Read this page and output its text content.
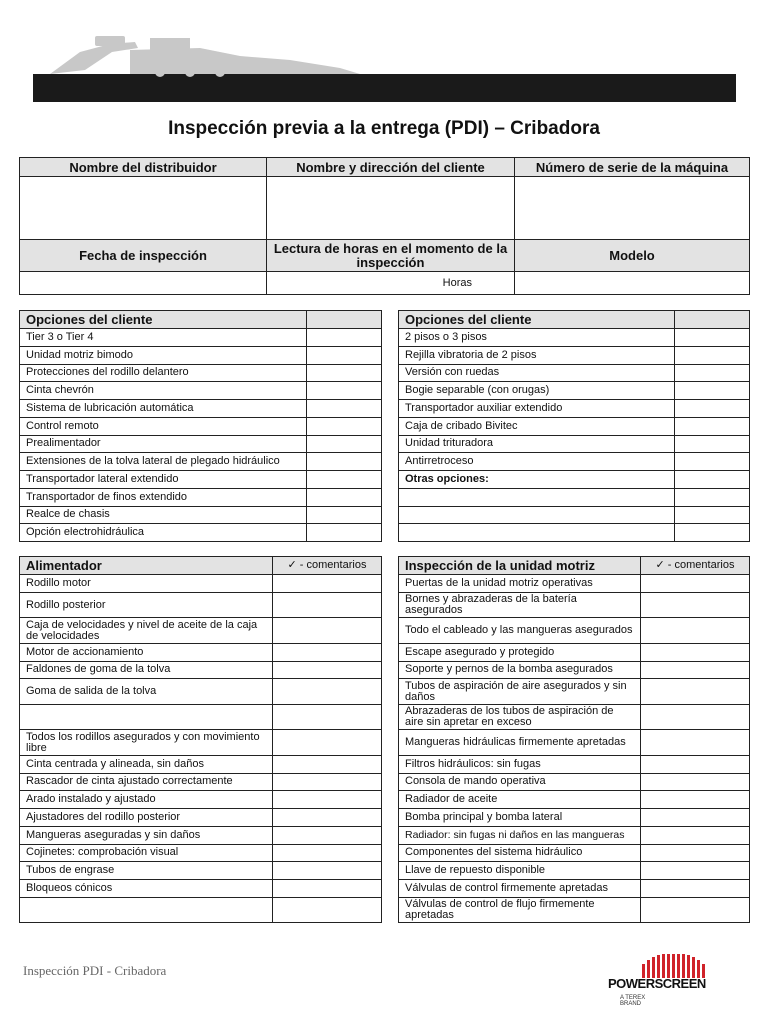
Inspección previa a la entrega (PDI) – Cribadora
Nombre del distribuidor	Nombre y dirección del cliente	Número de serie de la máquina

Fecha de inspección	Lectura de horas en el momento de la inspección	Modelo
	Horas	
Opciones del cliente	
Tier 3 o Tier 4	
Unidad motriz bimodo	
Protecciones del rodillo delantero	
Cinta chevrón	
Sistema de lubricación automática	
Control remoto	
Prealimentador	
Extensiones de la tolva lateral de plegado hidráulico	
Transportador lateral extendido	
Transportador de finos extendido	
Realce de chasis	
Opción electrohidráulica	
Opciones del cliente	
2 pisos o 3 pisos	
Rejilla vibratoria de 2 pisos	
Versión con ruedas	
Bogie separable (con orugas)	
Transportador auxiliar extendido	
Caja de cribado Bivitec	
Unidad trituradora	
Antirretroceso	
Otras opciones:	

Alimentador	✓ - comentarios
Rodillo motor	
Rodillo posterior	
Caja de velocidades y nivel de aceite de la caja de velocidades	
Motor de accionamiento	
Faldones de goma de la tolva	
Goma de salida de la tolva	

Todos los rodillos asegurados y con movimiento libre	
Cinta centrada y alineada, sin daños	
Rascador de cinta ajustado correctamente	
Arado instalado y ajustado	
Ajustadores del rodillo posterior	
Mangueras aseguradas y sin daños	
Cojinetes: comprobación visual	
Tubos de engrase	
Bloqueos cónicos	

Inspección de la unidad motriz	✓ - comentarios
Puertas de la unidad motriz operativas	
Bornes y abrazaderas de la batería asegurados	
Todo el cableado y las mangueras asegurados	
Escape asegurado y protegido	
Soporte y pernos de la bomba asegurados	
Tubos de aspiración de aire asegurados y sin daños	
Abrazaderas de los tubos de aspiración de aire sin apretar en exceso	
Mangueras hidráulicas firmemente apretadas	
Filtros hidráulicos: sin fugas	
Consola de mando operativa	
Radiador de aceite	
Bomba principal y bomba lateral	
Radiador: sin fugas ni daños en las mangueras	
Componentes del sistema hidráulico	
Llave de repuesto disponible	
Válvulas de control firmemente apretadas	
Válvulas de control de flujo firmemente apretadas	
Inspección PDI - Cribadora
POWERSCREEN
A TEREX
BRAND
